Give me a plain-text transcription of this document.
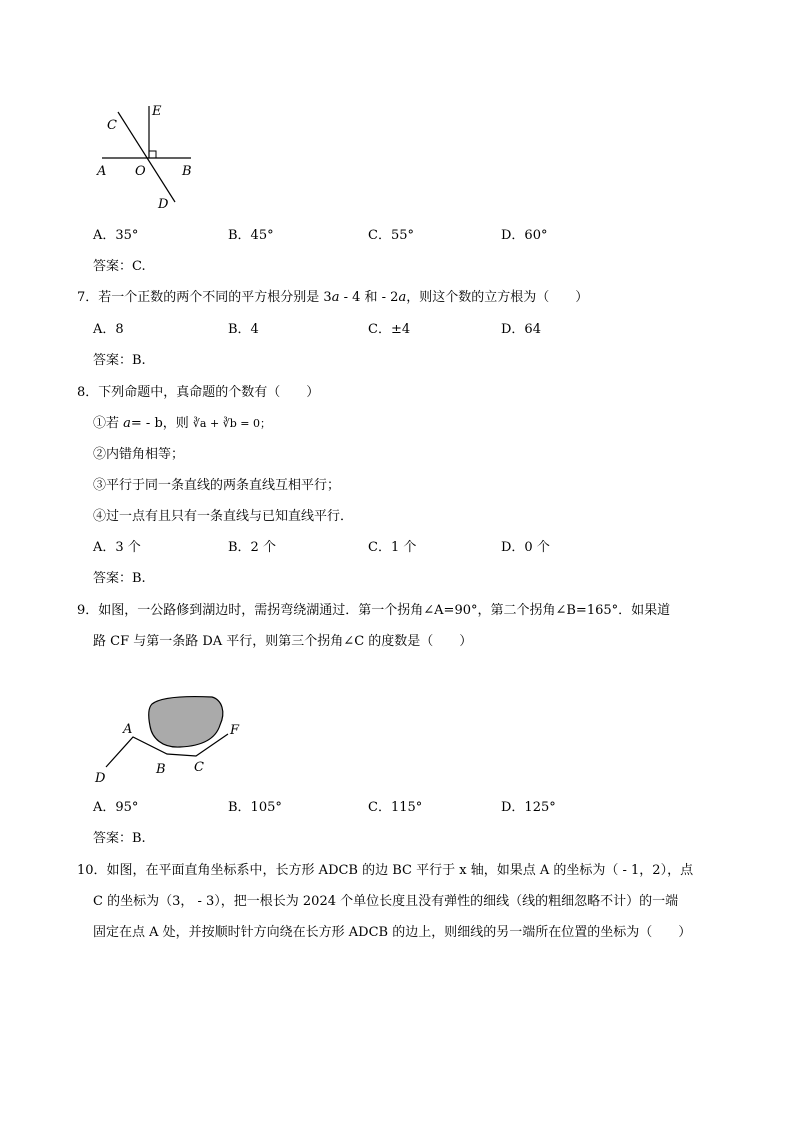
C
E
A O	B
D
A．35°	B．45°	C．55°	D．60°
答案：C.
7．若一个正数的两个不同的平方根分别是 3a - 4 和 - 2a，则这个数的立方根为（　　）
A．8	B．4	C．±4	D．64
答案：B.
8．下列命题中，真命题的个数有（　　）
①若 a= - b，则 ∛a + ∛b = 0；
②内错角相等；
③平行于同一条直线的两条直线互相平行；
④过一点有且只有一条直线与已知直线平行．
A．3 个	B．2 个	C．1 个	D．0 个
答案：B.
9．如图，一公路修到湖边时，需拐弯绕湖通过．第一个拐角∠A=90°，第二个拐角∠B=165°．如果道
路 CF 与第一条路 DA 平行，则第三个拐角∠C 的度数是（　　）
A	F
D
B C
A．95°	B．105°	C．115°	D．125°
答案：B.
10．如图，在平面直角坐标系中，长方形 ADCB 的边 BC 平行于 x 轴，如果点 A 的坐标为（ - 1，2），点
C 的坐标为（3， - 3），把一根长为 2024 个单位长度且没有弹性的细线（线的粗细忽略不计）的一端
固定在点 A 处，并按顺时针方向绕在长方形 ADCB 的边上，则细线的另一端所在位置的坐标为（　　）
